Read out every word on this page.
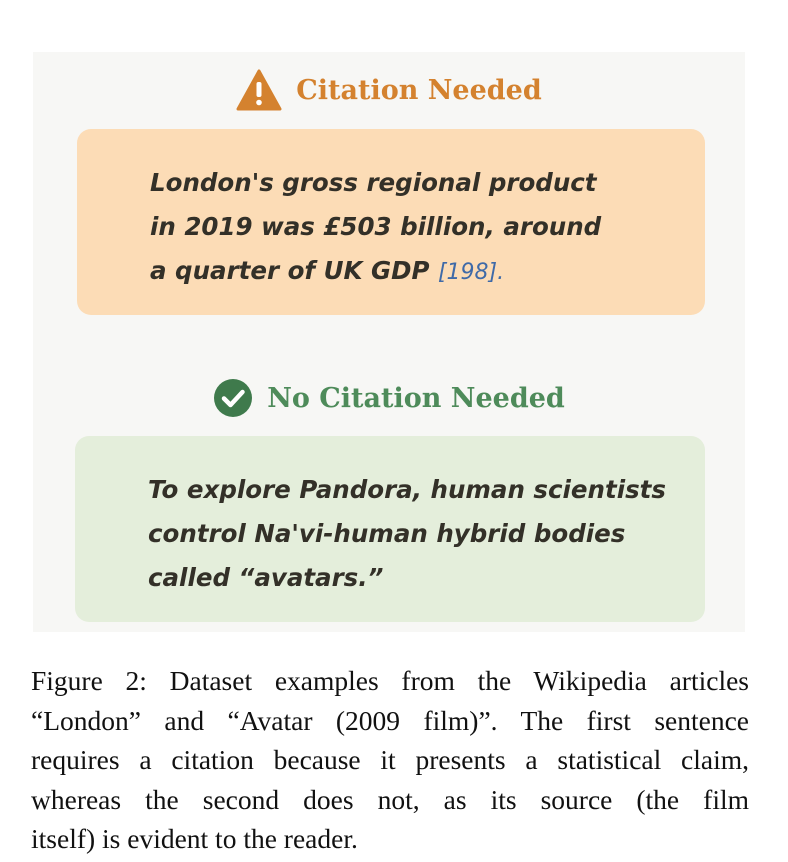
Citation Needed
London's gross regional product
in 2019 was £503 billion, around
a quarter of UK GDP [198].
No Citation Needed
To explore Pandora, human scientists
control Na'vi-human hybrid bodies
called “avatars.”
Figure 2: Dataset examples from the Wikipedia articles
“London” and “Avatar (2009 film)”. The first sentence
requires a citation because it presents a statistical claim,
whereas the second does not, as its source (the film
itself) is evident to the reader.
